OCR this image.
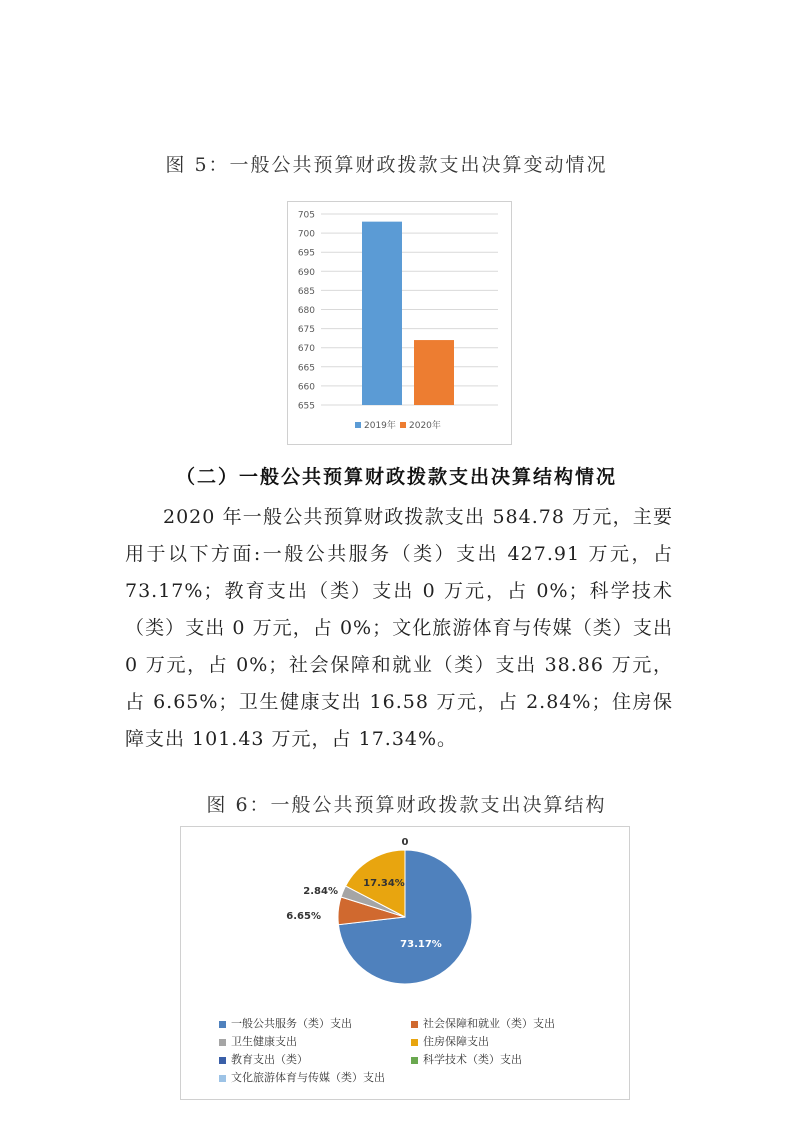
图 5：一般公共预算财政拨款支出决算变动情况
655
660
665
670
675
680
685
690
695
700
705
2019年 2020年
（二）一般公共预算财政拨款支出决算结构情况
2020 年一般公共预算财政拨款支出 584.78 万元，主要用于以下方面:一般公共服务（类）支出 427.91 万元，占 73.17%；教育支出（类）支出 0 万元，占 0%；科学技术（类）支出 0 万元，占 0%；文化旅游体育与传媒（类）支出 0 万元，占 0%；社会保障和就业（类）支出 38.86 万元，占 6.65%；卫生健康支出 16.58 万元，占 2.84%；住房保障支出 101.43 万元，占 17.34%。
图 6：一般公共预算财政拨款支出决算结构
73.17%
6.65%
2.84%
17.34%
0
一般公共服务（类）支出	社会保障和就业（类）支出
卫生健康支出	住房保障支出
教育支出（类）	科学技术（类）支出
文化旅游体育与传媒（类）支出
